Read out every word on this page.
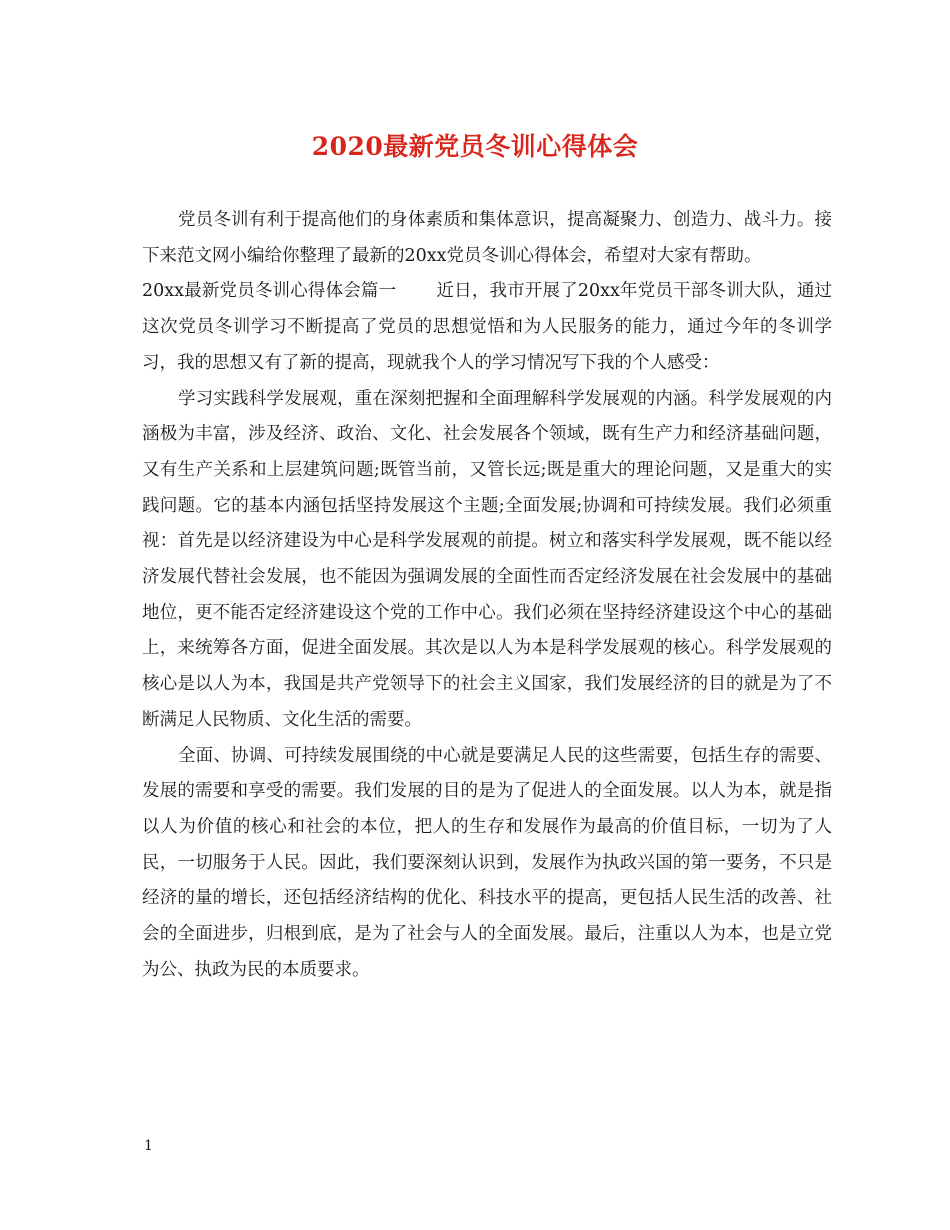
2020最新党员冬训心得体会

党员冬训有利于提高他们的身体素质和集体意识，提高凝聚力、创造力、战斗力。接下来范文网小编给你整理了最新的20xx党员冬训心得体会，希望对大家有帮助。

20xx最新党员冬训心得体会篇一 近日，我市开展了20xx年党员干部冬训大队，通过这次党员冬训学习不断提高了党员的思想觉悟和为人民服务的能力，通过今年的冬训学习，我的思想又有了新的提高，现就我个人的学习情况写下我的个人感受：

学习实践科学发展观，重在深刻把握和全面理解科学发展观的内涵。科学发展观的内涵极为丰富，涉及经济、政治、文化、社会发展各个领域，既有生产力和经济基础问题，又有生产关系和上层建筑问题;既管当前，又管长远;既是重大的理论问题，又是重大的实践问题。它的基本内涵包括坚持发展这个主题;全面发展;协调和可持续发展。我们必须重视：首先是以经济建设为中心是科学发展观的前提。树立和落实科学发展观，既不能以经济发展代替社会发展，也不能因为强调发展的全面性而否定经济发展在社会发展中的基础地位，更不能否定经济建设这个党的工作中心。我们必须在坚持经济建设这个中心的基础上，来统筹各方面，促进全面发展。其次是以人为本是科学发展观的核心。科学发展观的核心是以人为本，我国是共产党领导下的社会主义国家，我们发展经济的目的就是为了不断满足人民物质、文化生活的需要。

全面、协调、可持续发展围绕的中心就是要满足人民的这些需要，包括生存的需要、发展的需要和享受的需要。我们发展的目的是为了促进人的全面发展。以人为本，就是指以人为价值的核心和社会的本位，把人的生存和发展作为最高的价值目标，一切为了人民，一切服务于人民。因此，我们要深刻认识到，发展作为执政兴国的第一要务，不只是经济的量的增长，还包括经济结构的优化、科技水平的提高，更包括人民生活的改善、社会的全面进步，归根到底，是为了社会与人的全面发展。最后，注重以人为本，也是立党为公、执政为民的本质要求。

1
